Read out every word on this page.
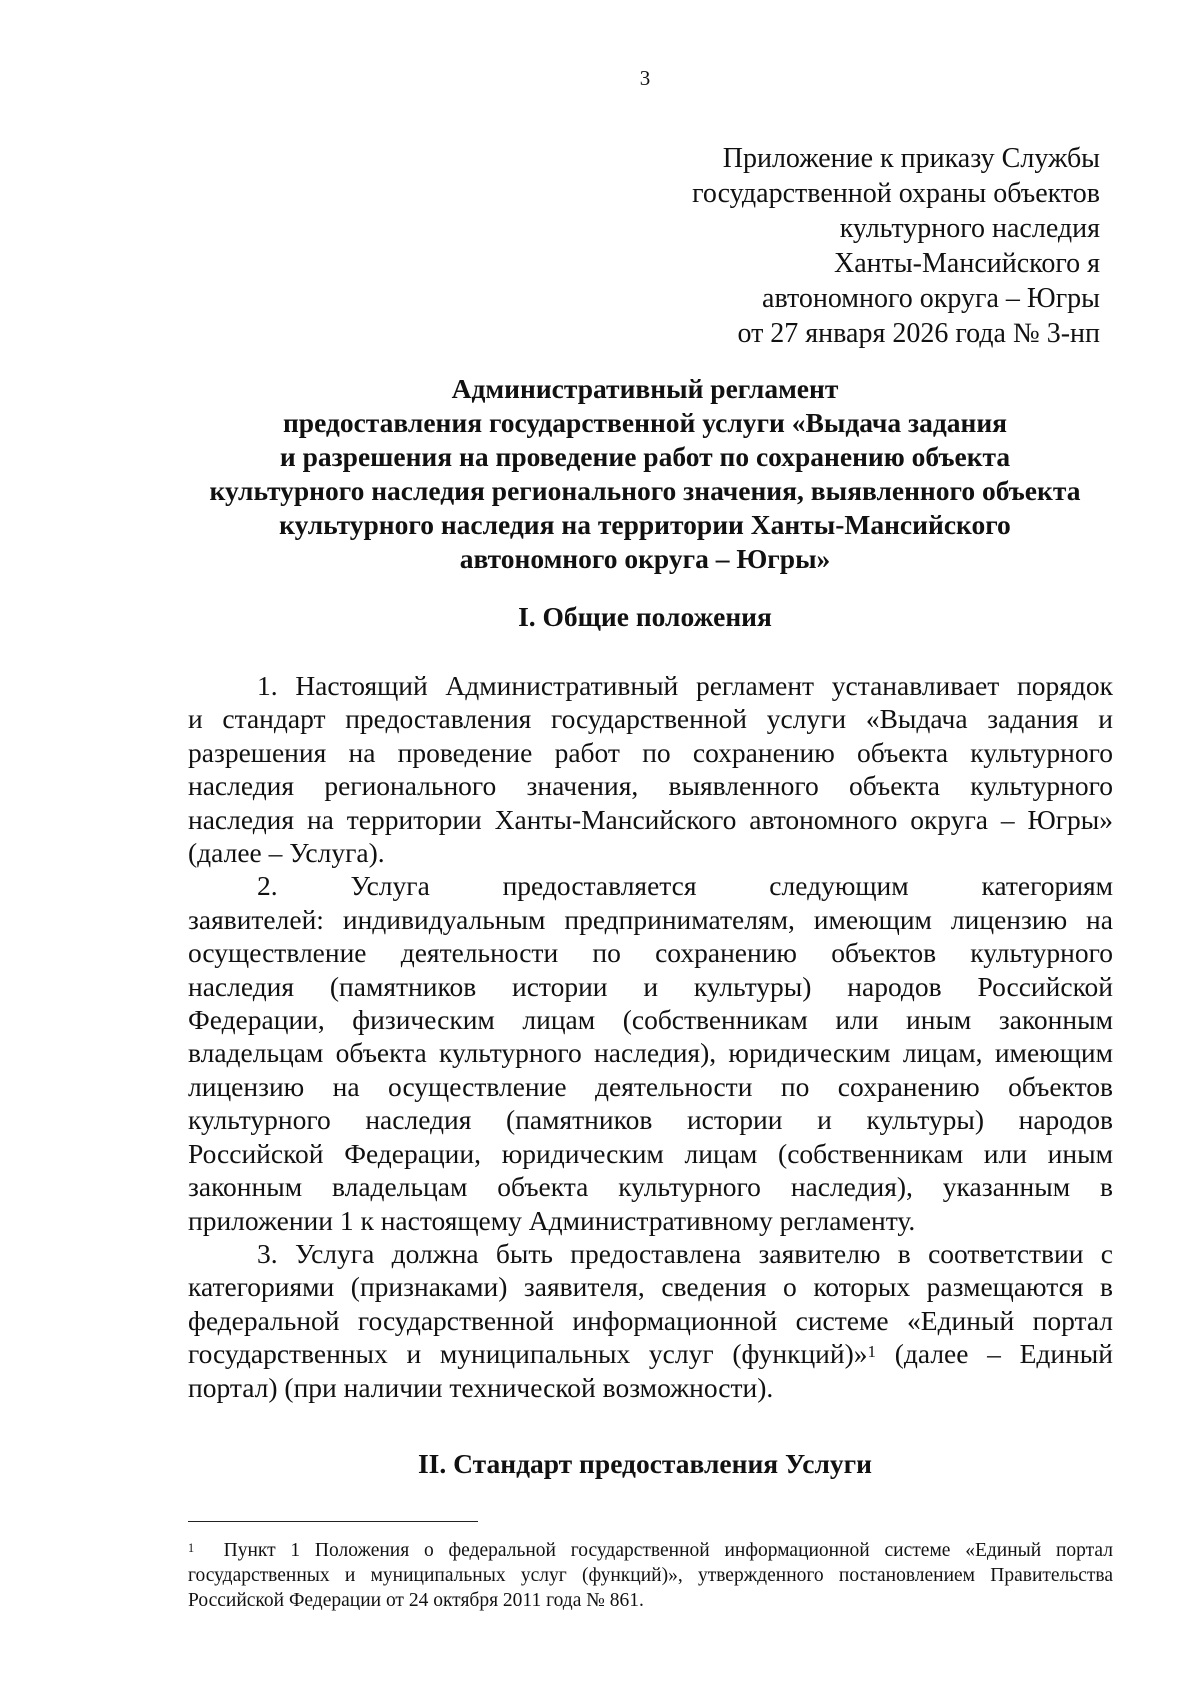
3
Приложение к приказу Службы
государственной охраны объектов
культурного наследия
Ханты-Мансийского я
автономного округа – Югры
от 27 января 2026 года № 3-нп
Административный регламент
предоставления государственной услуги «Выдача задания
и разрешения на проведение работ по сохранению объекта
культурного наследия регионального значения, выявленного объекта
культурного наследия на территории Ханты-Мансийского
автономного округа – Югры»
I. Общие положения
1. Настоящий Административный регламент устанавливает порядок
и стандарт предоставления государственной услуги «Выдача задания и
разрешения на проведение работ по сохранению объекта культурного
наследия регионального значения, выявленного объекта культурного
наследия на территории Ханты-Мансийского автономного округа – Югры»
(далее – Услуга).
2. Услуга предоставляется следующим категориям
заявителей: индивидуальным предпринимателям, имеющим лицензию на
осуществление деятельности по сохранению объектов культурного
наследия (памятников истории и культуры) народов Российской
Федерации, физическим лицам (собственникам или иным законным
владельцам объекта культурного наследия), юридическим лицам, имеющим
лицензию на осуществление деятельности по сохранению объектов
культурного наследия (памятников истории и культуры) народов
Российской Федерации, юридическим лицам (собственникам или иным
законным владельцам объекта культурного наследия), указанным в
приложении 1 к настоящему Административному регламенту.
3. Услуга должна быть предоставлена заявителю в соответствии с
категориями (признаками) заявителя, сведения о которых размещаются в
федеральной государственной информационной системе «Единый портал
государственных и муниципальных услуг (функций)»$^1$ (далее – Единый
портал) (при наличии технической возможности).
II. Стандарт предоставления Услуги
$^1$ Пункт 1 Положения о федеральной государственной информационной системе «Единый портал
государственных и муниципальных услуг (функций)», утвержденного постановлением Правительства
Российской Федерации от 24 октября 2011 года № 861.
